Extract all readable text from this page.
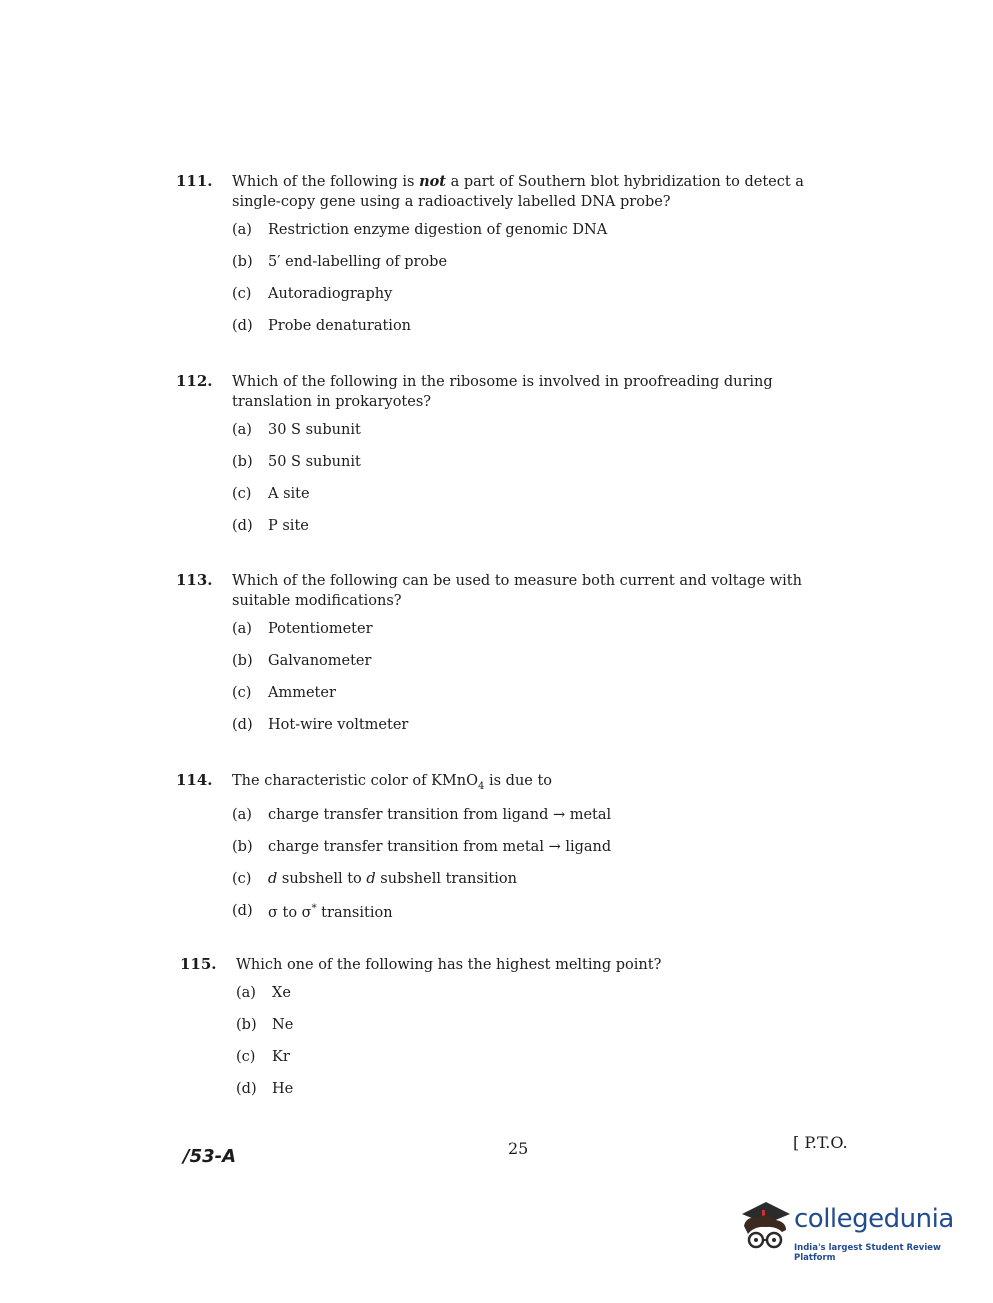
111. Which of the following is not a part of Southern blot hybridization to detect a single-copy gene using a radioactively labelled DNA probe?
(a) Restriction enzyme digestion of genomic DNA
(b) 5′ end-labelling of probe
(c) Autoradiography
(d) Probe denaturation
112. Which of the following in the ribosome is involved in proofreading during translation in prokaryotes?
(a) 30 S subunit
(b) 50 S subunit
(c) A site
(d) P site
113. Which of the following can be used to measure both current and voltage with suitable modifications?
(a) Potentiometer
(b) Galvanometer
(c) Ammeter
(d) Hot-wire voltmeter
114. The characteristic color of KMnO$_4$ is due to
(a) charge transfer transition from ligand → metal
(b) charge transfer transition from metal → ligand
(c) d subshell to d subshell transition
(d) σ to σ* transition
115. Which one of the following has the highest melting point?
(a) Xe
(b) Ne
(c) Kr
(d) He
/53-A	25	[ P.T.O.
collegedunia
India's largest Student Review Platform
